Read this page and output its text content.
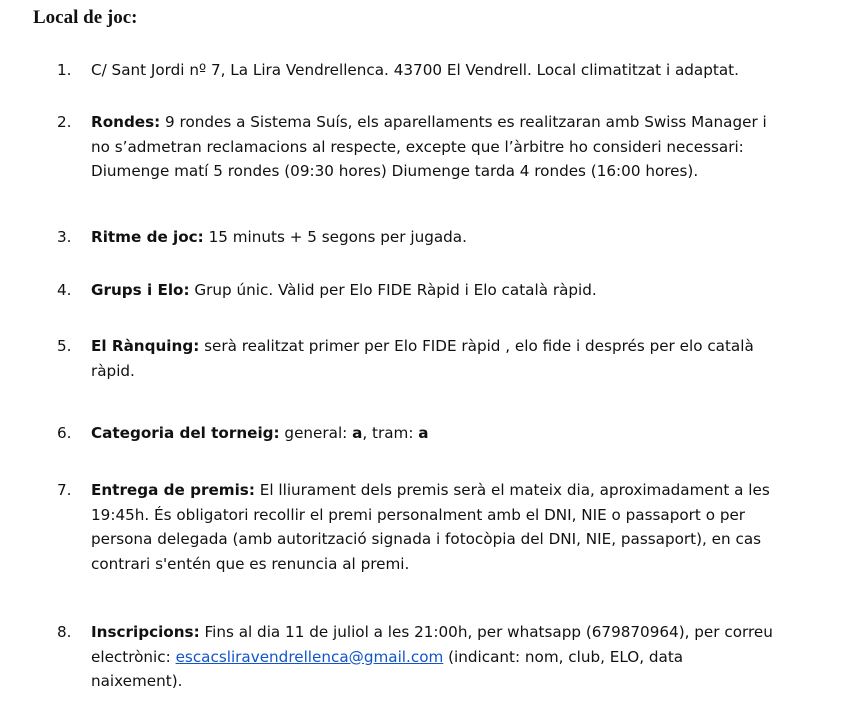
Local de joc:
1. C/ Sant Jordi nº 7, La Lira Vendrellenca. 43700 El Vendrell. Local climatitzat i adaptat.
2. Rondes: 9 rondes a Sistema Suís, els aparellaments es realitzaran amb Swiss Manager i
no s’admetran reclamacions al respecte, excepte que l’àrbitre ho consideri necessari:
Diumenge matí 5 rondes (09:30 hores) Diumenge tarda 4 rondes (16:00 hores).
3. Ritme de joc: 15 minuts + 5 segons per jugada.
4. Grups i Elo: Grup únic. Vàlid per Elo FIDE Ràpid i Elo català ràpid.
5. El Rànquing: serà realitzat primer per Elo FIDE ràpid , elo fide i després per elo català
ràpid.
6. Categoria del torneig: general: a, tram: a
7. Entrega de premis: El lliurament dels premis serà el mateix dia, aproximadament a les
19:45h. És obligatori recollir el premi personalment amb el DNI, NIE o passaport o per
persona delegada (amb autorització signada i fotocòpia del DNI, NIE, passaport), en cas
contrari s'entén que es renuncia al premi.
8. Inscripcions: Fins al dia 11 de juliol a les 21:00h, per whatsapp (679870964), per correu
electrònic: escacsliravendrellenca@gmail.com (indicant: nom, club, ELO, data
naixement).
